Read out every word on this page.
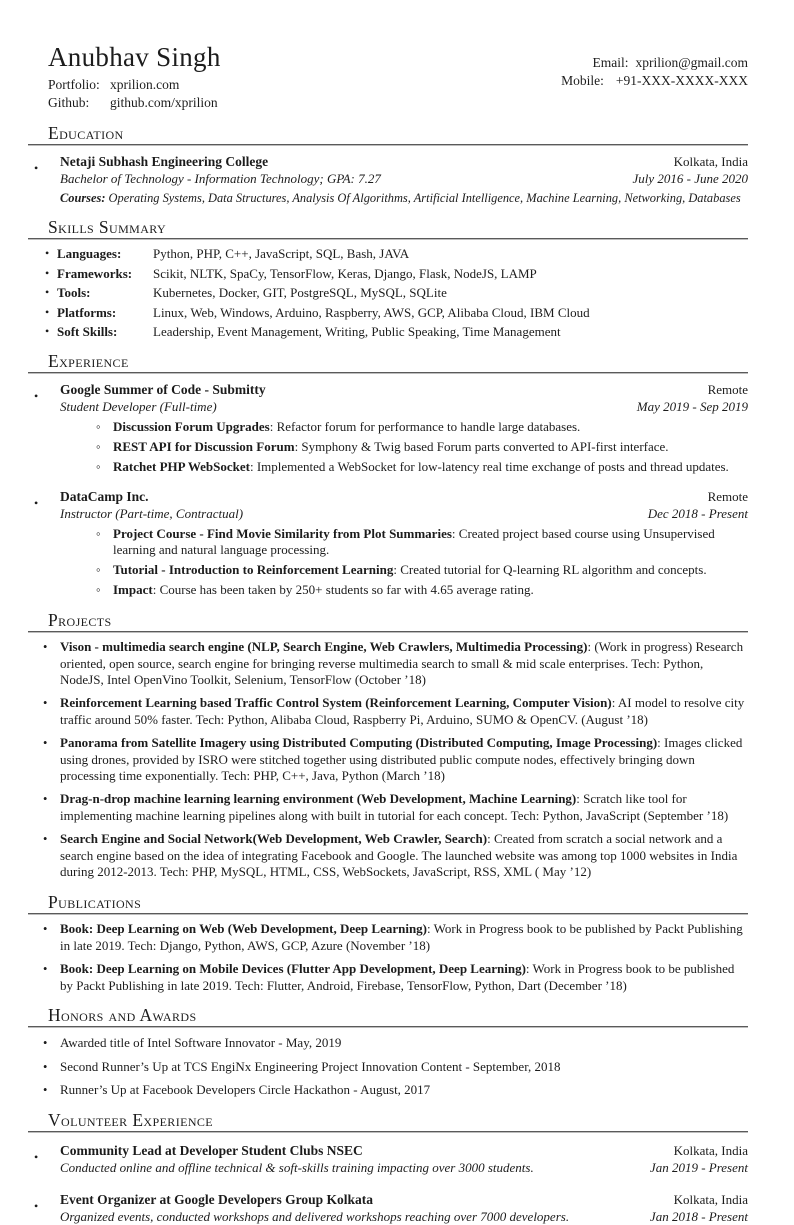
Anubhav Singh
Portfolio: xprilion.com
Github:	github.com/xprilion
Email: xprilion@gmail.com
Mobile: +91-XXX-XXXX-XXX
Education
• Netaji Subhash Engineering College	Kolkata, India
Bachelor of Technology - Information Technology; GPA: 7.27	July 2016 - June 2020
Courses: Operating Systems, Data Structures, Analysis Of Algorithms, Artificial Intelligence, Machine Learning, Networking, Databases
Skills Summary
• Languages:	Python, PHP, C++, JavaScript, SQL, Bash, JAVA
• Frameworks:	Scikit, NLTK, SpaCy, TensorFlow, Keras, Django, Flask, NodeJS, LAMP
• Tools:	Kubernetes, Docker, GIT, PostgreSQL, MySQL, SQLite
• Platforms:	Linux, Web, Windows, Arduino, Raspberry, AWS, GCP, Alibaba Cloud, IBM Cloud
• Soft Skills:	Leadership, Event Management, Writing, Public Speaking, Time Management
Experience
• Google Summer of Code - Submitty	Remote
Student Developer (Full-time)	May 2019 - Sep 2019
◦ Discussion Forum Upgrades: Refactor forum for performance to handle large databases.
◦ REST API for Discussion Forum: Symphony & Twig based Forum parts converted to API-first interface.
◦ Ratchet PHP WebSocket: Implemented a WebSocket for low-latency real time exchange of posts and thread updates.
• DataCamp Inc.	Remote
Instructor (Part-time, Contractual)	Dec 2018 - Present
◦ Project Course - Find Movie Similarity from Plot Summaries: Created project based course using Unsupervised learning and natural language processing.
◦ Tutorial - Introduction to Reinforcement Learning: Created tutorial for Q-learning RL algorithm and concepts.
◦ Impact: Course has been taken by 250+ students so far with 4.65 average rating.
Projects
• Vison - multimedia search engine (NLP, Search Engine, Web Crawlers, Multimedia Processing): (Work in progress) Research oriented, open source, search engine for bringing reverse multimedia search to small & mid scale enterprises. Tech: Python, NodeJS, Intel OpenVino Toolkit, Selenium, TensorFlow (October ’18)
• Reinforcement Learning based Traffic Control System (Reinforcement Learning, Computer Vision): AI model to resolve city traffic around 50% faster. Tech: Python, Alibaba Cloud, Raspberry Pi, Arduino, SUMO & OpenCV. (August ’18)
• Panorama from Satellite Imagery using Distributed Computing (Distributed Computing, Image Processing): Images clicked using drones, provided by ISRO were stitched together using distributed public compute nodes, effectively bringing down processing time exponentially. Tech: PHP, C++, Java, Python (March ’18)
• Drag-n-drop machine learning learning environment (Web Development, Machine Learning): Scratch like tool for implementing machine learning pipelines along with built in tutorial for each concept. Tech: Python, JavaScript (September ’18)
• Search Engine and Social Network(Web Development, Web Crawler, Search): Created from scratch a social network and a search engine based on the idea of integrating Facebook and Google. The launched website was among top 1000 websites in India during 2012-2013. Tech: PHP, MySQL, HTML, CSS, WebSockets, JavaScript, RSS, XML ( May ’12)
Publications
• Book: Deep Learning on Web (Web Development, Deep Learning): Work in Progress book to be published by Packt Publishing in late 2019. Tech: Django, Python, AWS, GCP, Azure (November ’18)
• Book: Deep Learning on Mobile Devices (Flutter App Development, Deep Learning): Work in Progress book to be published by Packt Publishing in late 2019. Tech: Flutter, Android, Firebase, TensorFlow, Python, Dart (December ’18)
Honors and Awards
• Awarded title of Intel Software Innovator - May, 2019
• Second Runner’s Up at TCS EngiNx Engineering Project Innovation Content - September, 2018
• Runner’s Up at Facebook Developers Circle Hackathon - August, 2017
Volunteer Experience
• Community Lead at Developer Student Clubs NSEC	Kolkata, India
Conducted online and offline technical & soft-skills training impacting over 3000 students.	Jan 2019 - Present
• Event Organizer at Google Developers Group Kolkata	Kolkata, India
Organized events, conducted workshops and delivered workshops reaching over 7000 developers.	Jan 2018 - Present
